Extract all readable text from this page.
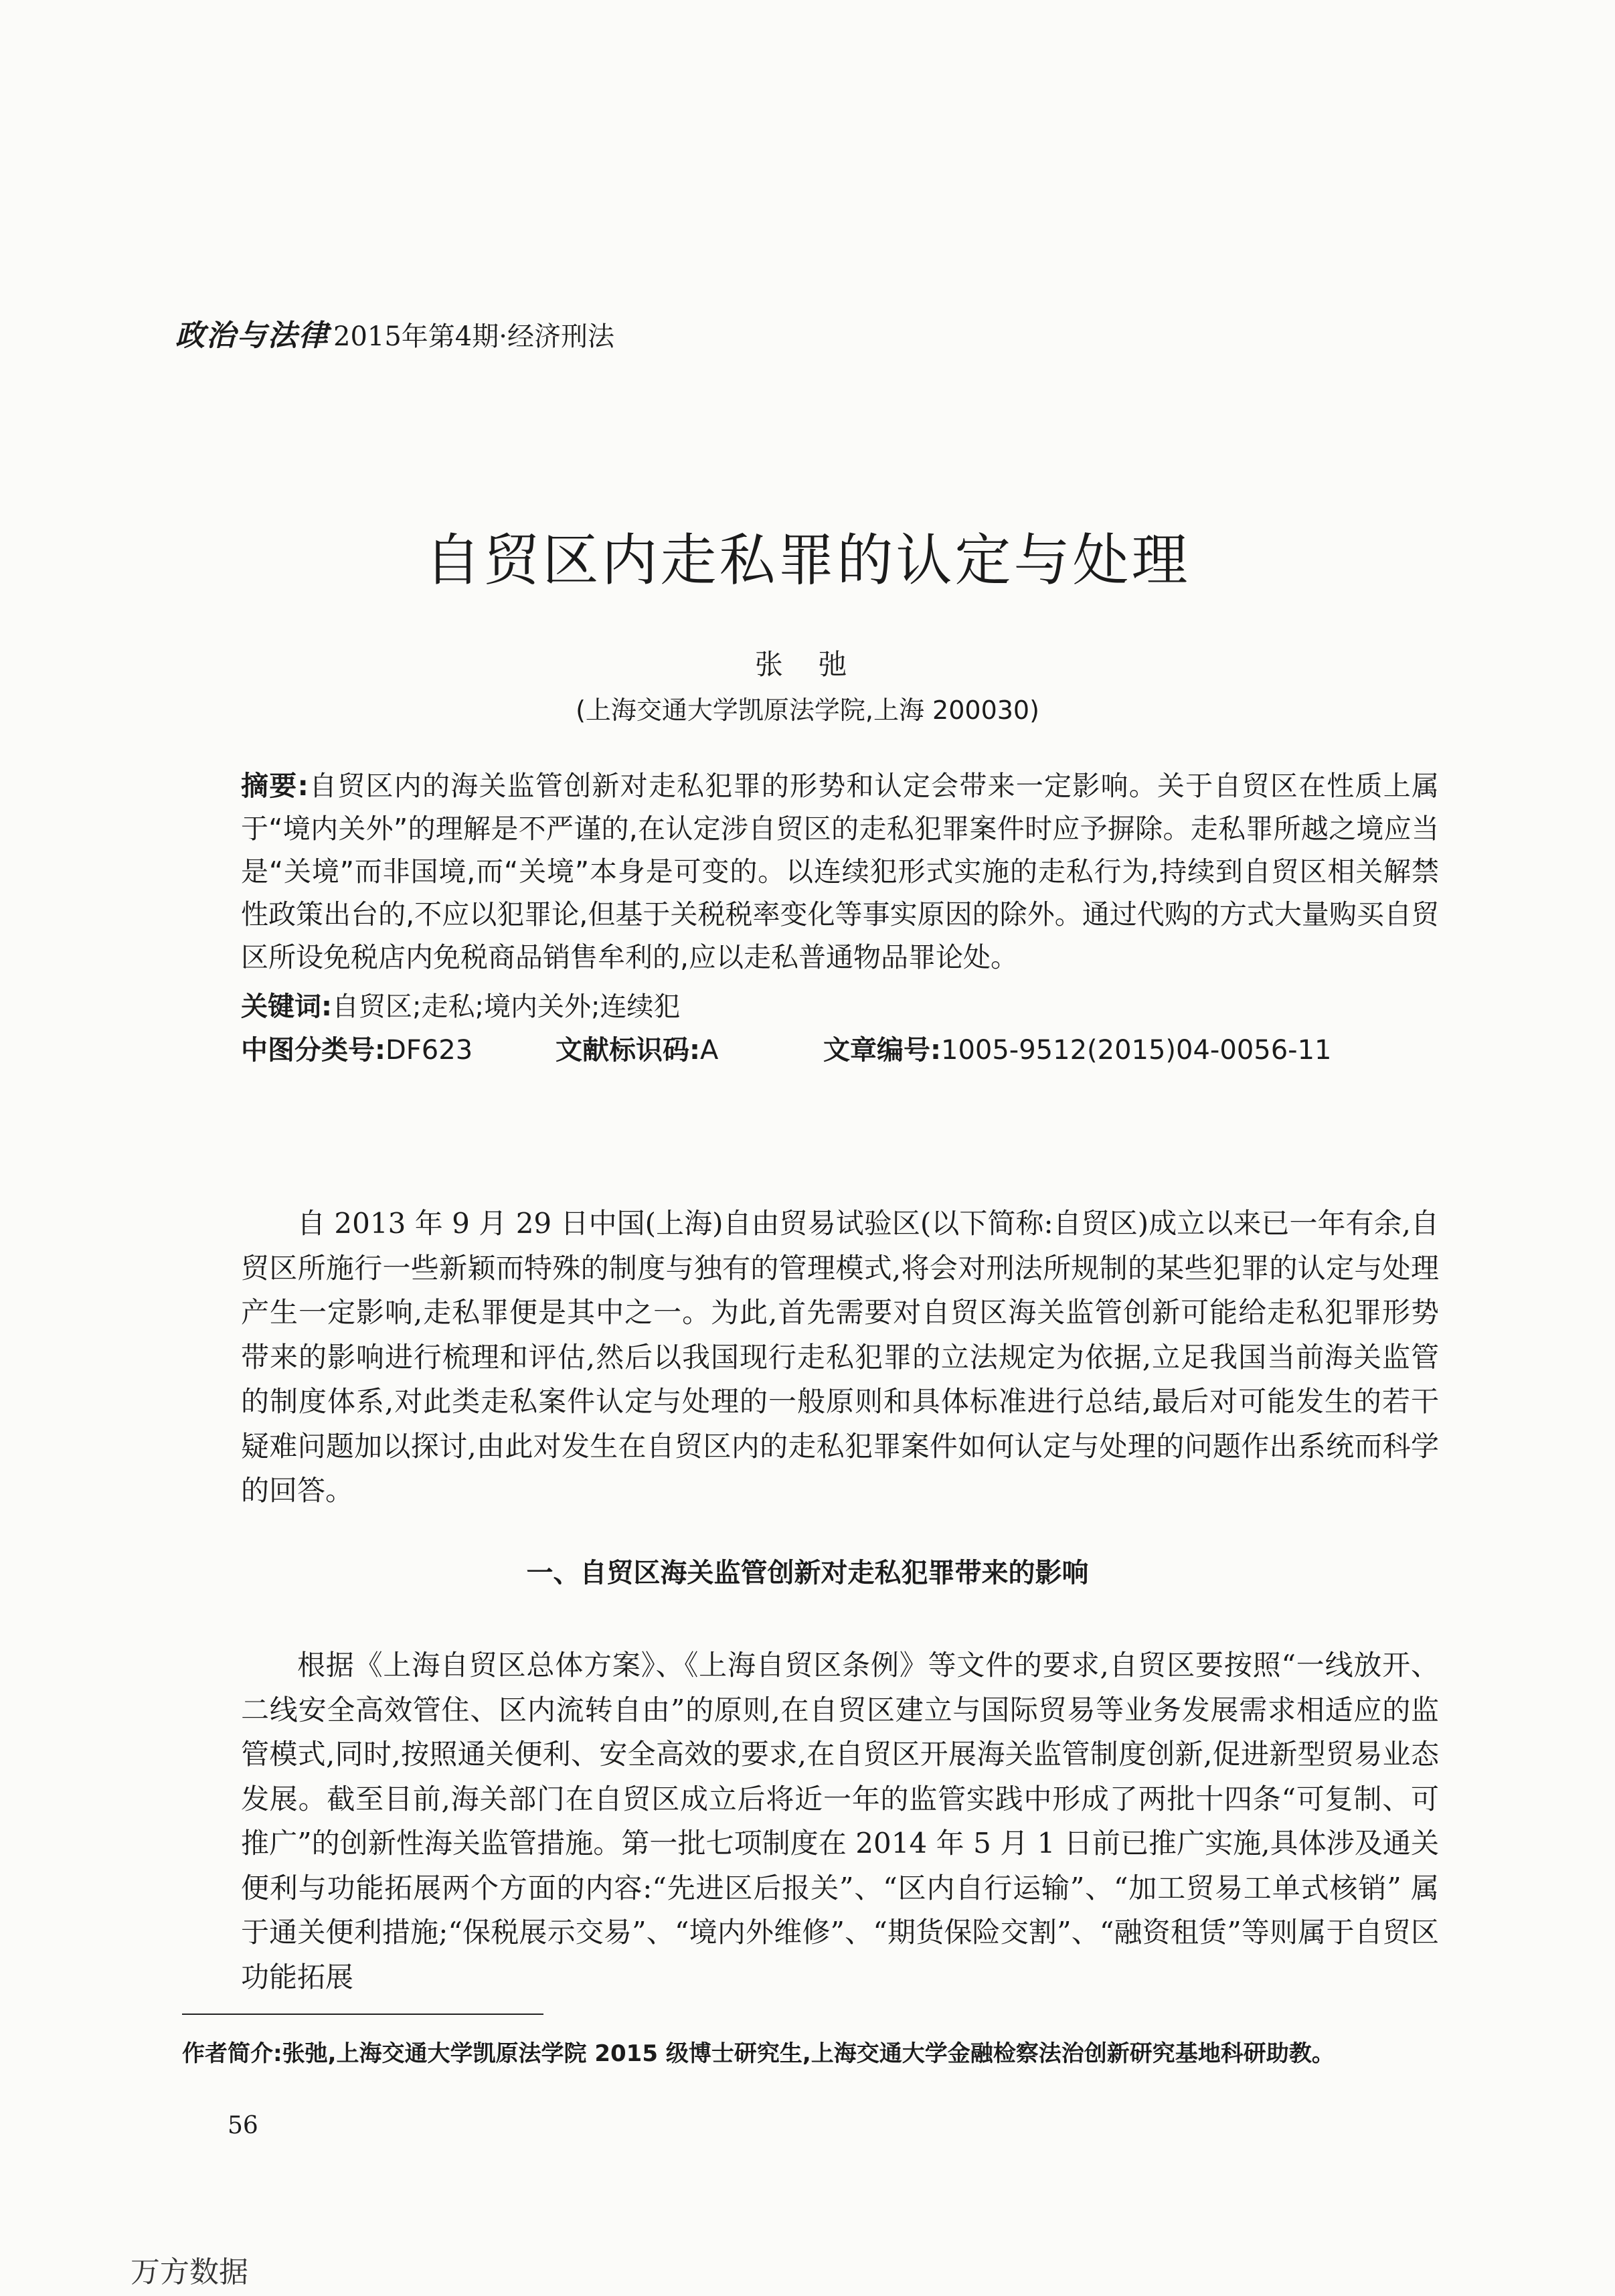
政治与法律 2015年第4期·经济刑法
自贸区内走私罪的认定与处理
张 弛
(上海交通大学凯原法学院,上海 200030)
摘要:自贸区内的海关监管创新对走私犯罪的形势和认定会带来一定影响。关于自贸区在性质上属于“境内关外”的理解是不严谨的,在认定涉自贸区的走私犯罪案件时应予摒除。走私罪所越之境应当是“关境”而非国境,而“关境”本身是可变的。以连续犯形式实施的走私行为,持续到自贸区相关解禁性政策出台的,不应以犯罪论,但基于关税税率变化等事实原因的除外。通过代购的方式大量购买自贸区所设免税店内免税商品销售牟利的,应以走私普通物品罪论处。
关键词:自贸区;走私;境内关外;连续犯
中图分类号:DF623	文献标识码:A	文章编号:1005-9512(2015)04-0056-11
自 2013 年 9 月 29 日中国(上海)自由贸易试验区(以下简称:自贸区)成立以来已一年有余,自贸区所施行一些新颖而特殊的制度与独有的管理模式,将会对刑法所规制的某些犯罪的认定与处理产生一定影响,走私罪便是其中之一。为此,首先需要对自贸区海关监管创新可能给走私犯罪形势带来的影响进行梳理和评估,然后以我国现行走私犯罪的立法规定为依据,立足我国当前海关监管的制度体系,对此类走私案件认定与处理的一般原则和具体标准进行总结,最后对可能发生的若干疑难问题加以探讨,由此对发生在自贸区内的走私犯罪案件如何认定与处理的问题作出系统而科学的回答。
一、自贸区海关监管创新对走私犯罪带来的影响
根据《上海自贸区总体方案》、《上海自贸区条例》等文件的要求,自贸区要按照“一线放开、二线安全高效管住、区内流转自由”的原则,在自贸区建立与国际贸易等业务发展需求相适应的监管模式,同时,按照通关便利、安全高效的要求,在自贸区开展海关监管制度创新,促进新型贸易业态发展。截至目前,海关部门在自贸区成立后将近一年的监管实践中形成了两批十四条“可复制、可推广”的创新性海关监管措施。第一批七项制度在 2014 年 5 月 1 日前已推广实施,具体涉及通关便利与功能拓展两个方面的内容:“先进区后报关”、“区内自行运输”、“加工贸易工单式核销” 属于通关便利措施;“保税展示交易”、“境内外维修”、“期货保险交割”、“融资租赁”等则属于自贸区功能拓展
作者简介:张弛,上海交通大学凯原法学院 2015 级博士研究生,上海交通大学金融检察法治创新研究基地科研助教。
56
万方数据
